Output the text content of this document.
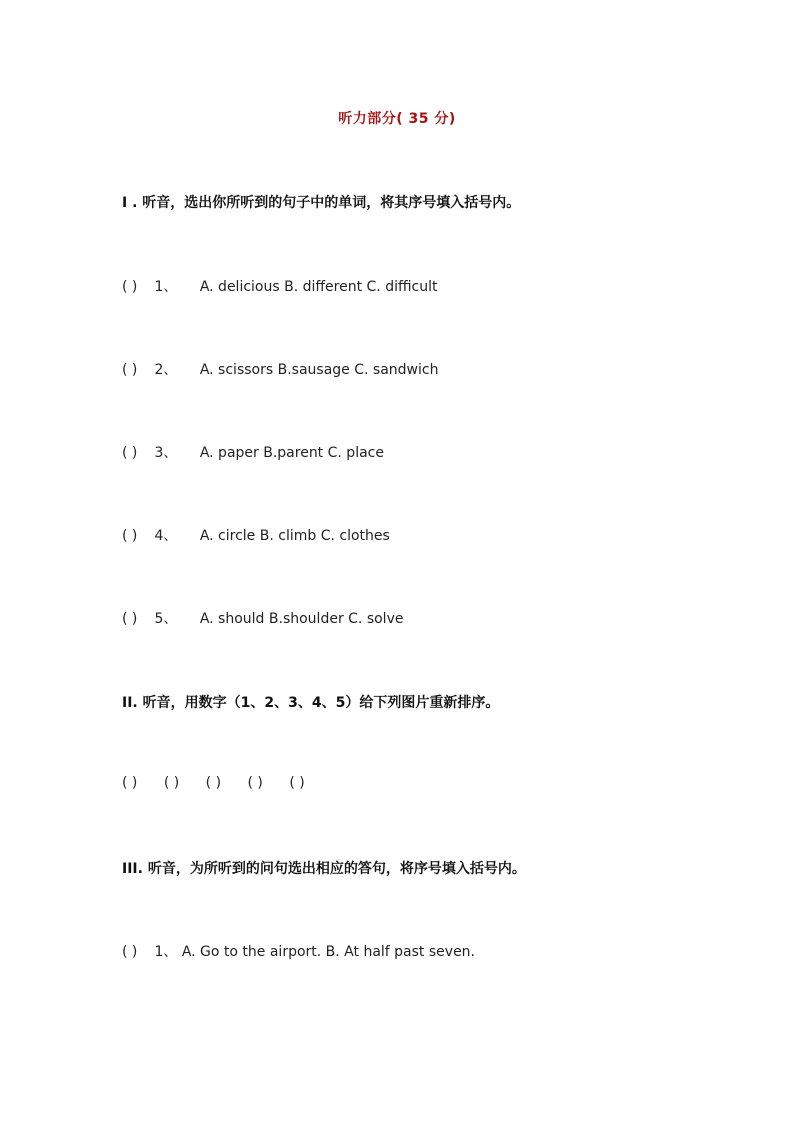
听力部分( 35 分)
I . 听音，选出你所听到的句子中的单词，将其序号填入括号内。
( ) 1、 A. delicious B. different C. difficult
( ) 2、 A. scissors B.sausage C. sandwich
( ) 3、 A. paper B.parent C. place
( ) 4、 A. circle B. climb C. clothes
( ) 5、 A. should B.shoulder C. solve
II. 听音，用数字（1、2、3、4、5）给下列图片重新排序。
( ) ( ) ( ) ( ) ( )
III. 听音，为所听到的问句选出相应的答句，将序号填入括号内。
( ) 1、 A. Go to the airport. B. At half past seven.
